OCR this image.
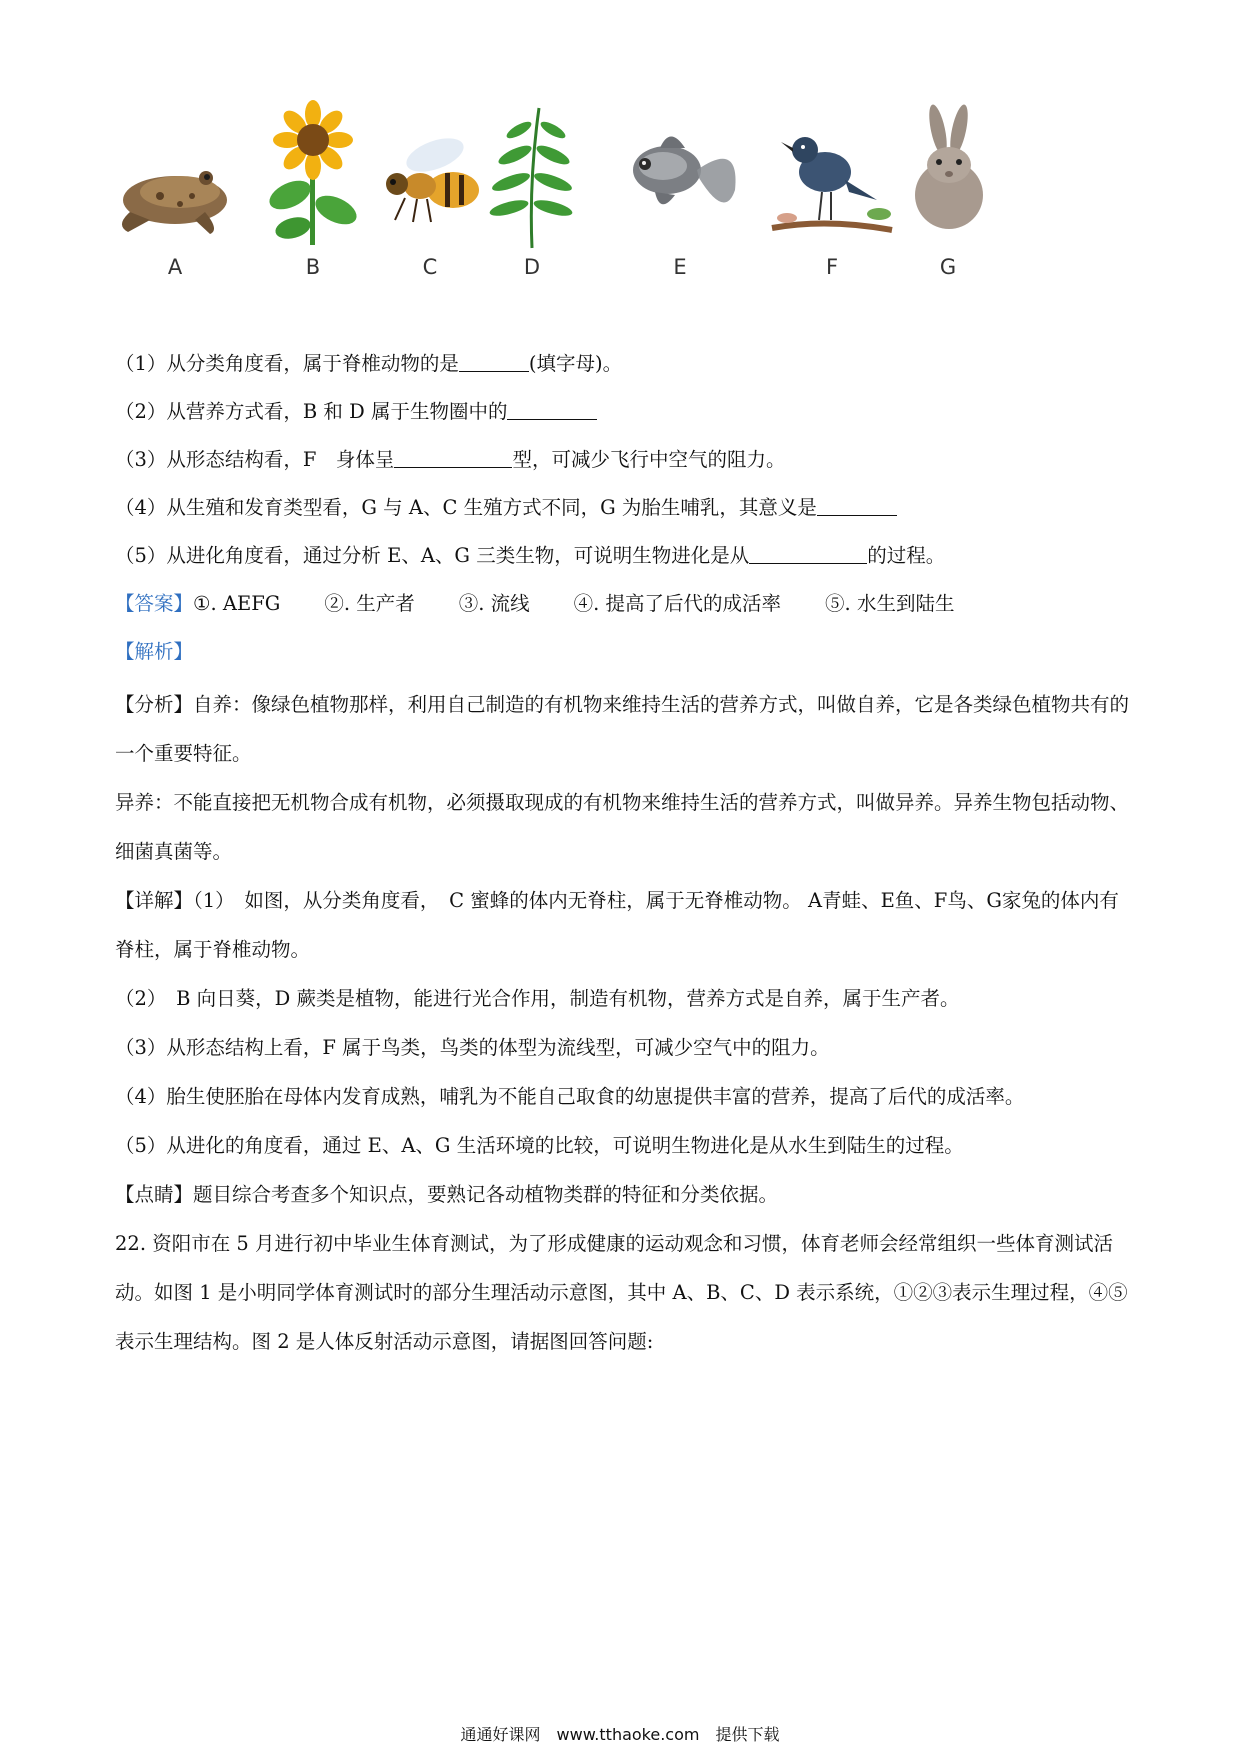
A	B	C	D	E	F	G
（1）从分类角度看，属于脊椎动物的是	(填字母)。
（2）从营养方式看，B 和 D 属于生物圈中的
（3）从形态结构看，F　身体呈	型，可减少飞行中空气的阻力。
（4）从生殖和发育类型看，G 与 A、C 生殖方式不同，G 为胎生哺乳，其意义是
（5）从进化角度看，通过分析 E、A、G 三类生物，可说明生物进化是从	的过程。
【答案】①. AEFG ②. 生产者 ③. 流线 ④. 提高了后代的成活率 ⑤. 水生到陆生
【解析】
【分析】自养：像绿色植物那样，利用自己制造的有机物来维持生活的营养方式，叫做自养，它是各类绿色植物共有的一个重要特征。
异养：不能直接把无机物合成有机物，必须摄取现成的有机物来维持生活的营养方式，叫做异养。异养生物包括动物、细菌真菌等。
【详解】（1）　如图，从分类角度看，　C 蜜蜂的体内无脊柱，属于无脊椎动物。 A青蛙、E鱼、F鸟、G家兔的体内有脊柱，属于脊椎动物。
（2）　B 向日葵，D 蕨类是植物，能进行光合作用，制造有机物，营养方式是自养，属于生产者。
（3）从形态结构上看，F 属于鸟类，鸟类的体型为流线型，可减少空气中的阻力。
（4）胎生使胚胎在母体内发育成熟，哺乳为不能自己取食的幼崽提供丰富的营养，提高了后代的成活率。
（5）从进化的角度看，通过 E、A、G 生活环境的比较，可说明生物进化是从水生到陆生的过程。
【点睛】题目综合考查多个知识点，要熟记各动植物类群的特征和分类依据。
22. 资阳市在 5 月进行初中毕业生体育测试，为了形成健康的运动观念和习惯，体育老师会经常组织一些体育测试活动。如图 1 是小明同学体育测试时的部分生理活动示意图，其中 A、B、C、D 表示系统，①②③表示生理过程，④⑤表示生理结构。图 2 是人体反射活动示意图，请据图回答问题:
通通好课网　www.tthaoke.com　提供下载
